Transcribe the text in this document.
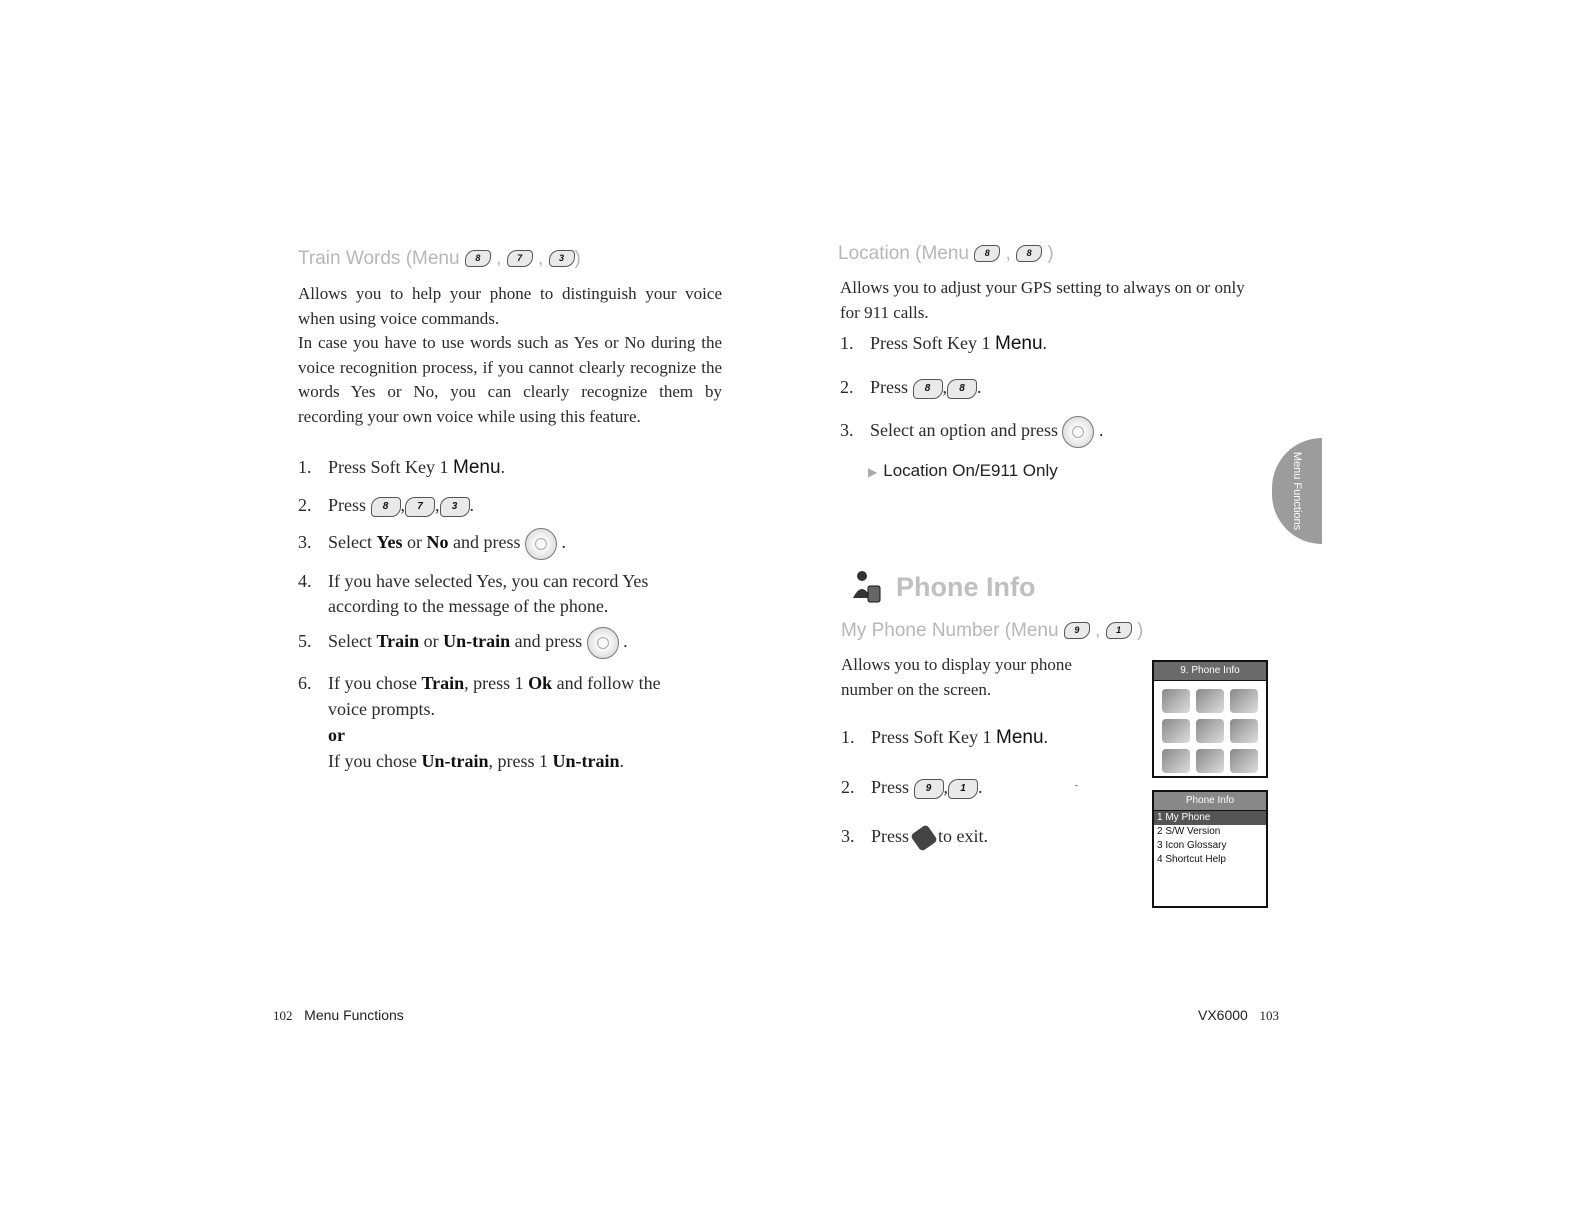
Train Words (Menu 8 , 7 , 3 )
Allows you to help your phone to distinguish your voice when using voice commands.
In case you have to use words such as Yes or No during the voice recognition process, if you cannot clearly recognize the words Yes or No, you can clearly recognize them by recording your own voice while using this feature.
1. Press Soft Key 1 Menu.
2. Press 8 , 7 , 3 .
3. Select Yes or No and press  .
4. If you have selected Yes, you can record Yes
according to the message of the phone.
5. Select Train or Un-train and press  .
6. If you chose Train, press 1 Ok and follow the
voice prompts.
or
If you chose Un-train, press 1 Un-train.
102 Menu Functions
Location (Menu 8 , 8 )
Allows you to adjust your GPS setting to always on or only for 911 calls.
1. Press Soft Key 1 Menu.
2. Press 8 , 8 .
3. Select an option and press  .
▶ Location On/E911 Only	Menu Functions
Phone Info
My Phone Number (Menu 9 , 1 )
Allows you to display your phone number on the screen.
1. Press Soft Key 1 Menu.
2. Press 9 , 1 .
3. Press to exit.
9. Phone Info
Phone Info
1 My Phone
2 S/W Version
3 Icon Glossary
4 Shortcut Help
VX6000 103
